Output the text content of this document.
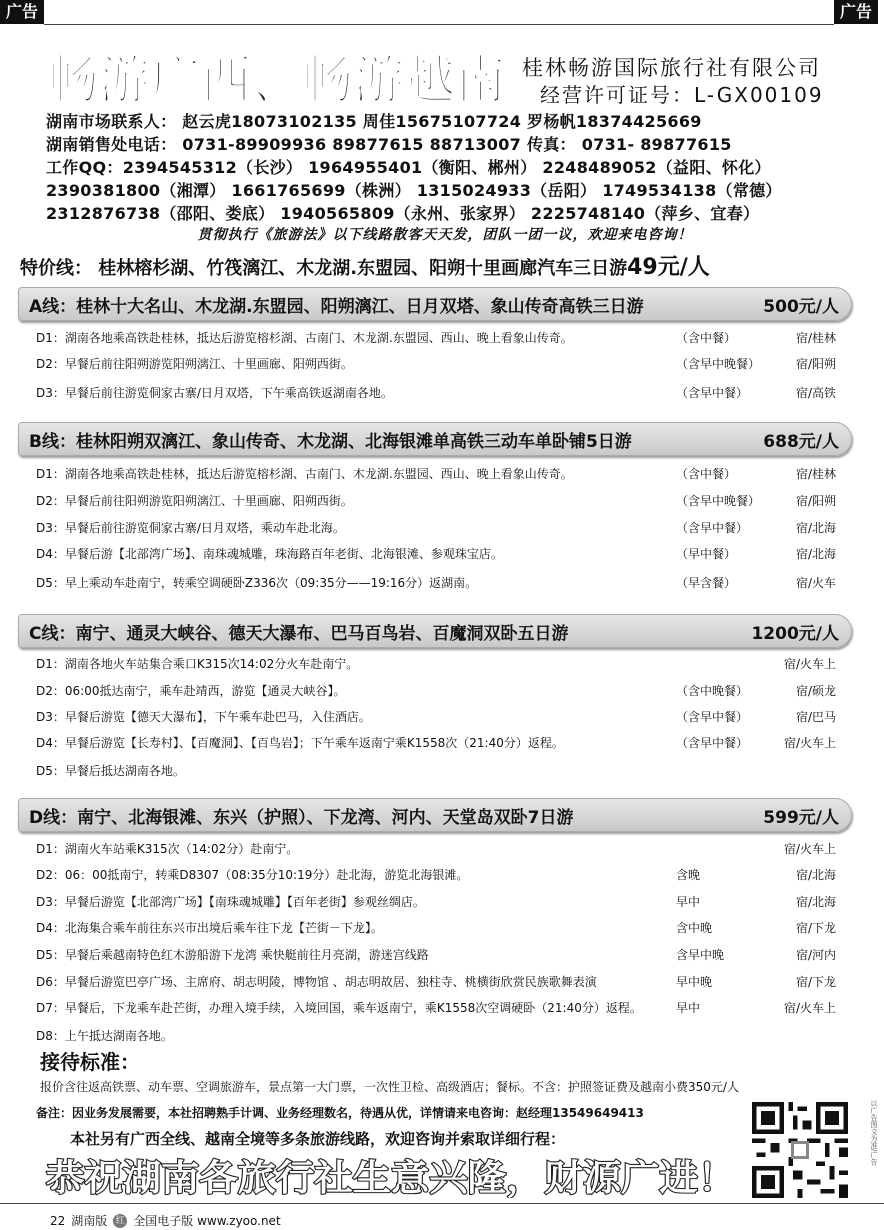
广告	广告
畅游广西、畅游越南 桂林畅游国际旅行社有限公司
经营许可证号：L-GX00109
湖南市场联系人： 赵云虎18073102135 周佳15675107724 罗杨帆18374425669
湖南销售处电话： 0731-89909936 89877615 88713007 传真： 0731- 89877615
工作QQ：2394545312（长沙） 1964955401（衡阳、郴州） 2248489052（益阳、怀化）
2390381800（湘潭） 1661765699（株洲） 1315024933（岳阳） 1749534138（常德）
2312876738（邵阳、娄底） 1940565809（永州、张家界） 2225748140（萍乡、宜春）
贯彻执行《旅游法》以下线路散客天天发，团队一团一议，欢迎来电咨询！
特价线： 桂林榕杉湖、竹筏漓江、木龙湖.东盟园、阳朔十里画廊汽车三日游49元/人
A线：桂林十大名山、木龙湖.东盟园、阳朔漓江、日月双塔、象山传奇高铁三日游	500元/人
D1：湖南各地乘高铁赴桂林，抵达后游览榕杉湖、古南门、木龙湖.东盟园、西山、晚上看象山传奇。	（含中餐）	宿/桂林
D2：早餐后前往阳朔游览阳朔漓江、十里画廊、阳朔西街。	（含早中晚餐）	宿/阳朔
D3：早餐后前往游览侗家古寨/日月双塔，下午乘高铁返湖南各地。	（含早中餐）	宿/高铁
B线：桂林阳朔双漓江、象山传奇、木龙湖、北海银滩单高铁三动车单卧铺5日游	688元/人
D1：湖南各地乘高铁赴桂林，抵达后游览榕杉湖、古南门、木龙湖.东盟园、西山、晚上看象山传奇。	（含中餐）	宿/桂林
D2：早餐后前往阳朔游览阳朔漓江、十里画廊、阳朔西街。	（含早中晚餐）	宿/阳朔
D3：早餐后前往游览侗家古寨/日月双塔，乘动车赴北海。	（含早中餐）	宿/北海
D4：早餐后游【北部湾广场】、南珠魂城雕，珠海路百年老街、北海银滩、参观珠宝店。	（早中餐）	宿/北海
D5：早上乘动车赴南宁，转乘空调硬卧Z336次（09:35分——19:16分）返湖南。	（早含餐）	宿/火车
C线：南宁、通灵大峡谷、德天大瀑布、巴马百鸟岩、百魔洞双卧五日游	1200元/人
D1：湖南各地火车站集合乘口K315次14:02分火车赴南宁。	宿/火车上
D2：06:00抵达南宁，乘车赴靖西，游览【通灵大峡谷】。	（含中晚餐）	宿/硕龙
D3：早餐后游览【德天大瀑布】，下午乘车赴巴马，入住酒店。	（含早中餐）	宿/巴马
D4：早餐后游览【长寿村】、【百魔洞】、【百鸟岩】；下午乘车返南宁乘K1558次（21:40分）返程。	（含早中餐）	宿/火车上
D5：早餐后抵达湖南各地。
D线：南宁、北海银滩、东兴（护照）、下龙湾、河内、天堂岛双卧7日游	599元/人
D1：湖南火车站乘K315次（14:02分）赴南宁。	宿/火车上
D2：06：00抵南宁，转乘D8307（08:35分10:19分）赴北海，游览北海银滩。	含晚	宿/北海
D3：早餐后游览【北部湾广场】【南珠魂城雕】【百年老街】参观丝绸店。	早中	宿/北海
D4：北海集合乘车前往东兴市出境后乘车往下龙【芒街－下龙】。	含中晚	宿/下龙
D5：早餐后乘越南特色红木游船游下龙湾 乘快艇前往月亮湖，游迷宫线路	含早中晚	宿/河内
D6：早餐后游览巴亭广场、主席府、胡志明陵，博物馆 、胡志明故居、独柱寺、桃横街欣赏民族歌舞表演	早中晚	宿/下龙
D7：早餐后，下龙乘车赴芒街，办理入境手续，入境回国，乘车返南宁，乘K1558次空调硬卧（21:40分）返程。	早中	宿/火车上
D8：上午抵达湖南各地。
接待标准：
报价含往返高铁票、动车票、空调旅游车，景点第一大门票，一次性卫检、高级酒店；餐标。不含：护照签证费及越南小费350元/人
备注：因业务发展需要，本社招聘熟手计调、业务经理数名，待遇从优，详情请来电咨询：赵经理13549649413
本社另有广西全线、越南全境等多条旅游线路，欢迎咨询并索取详细行程：
恭祝湖南各旅行社生意兴隆，财源广进！
以广告图文为准/广告
22 湖南版 红 全国电子版 www.zyoo.net
